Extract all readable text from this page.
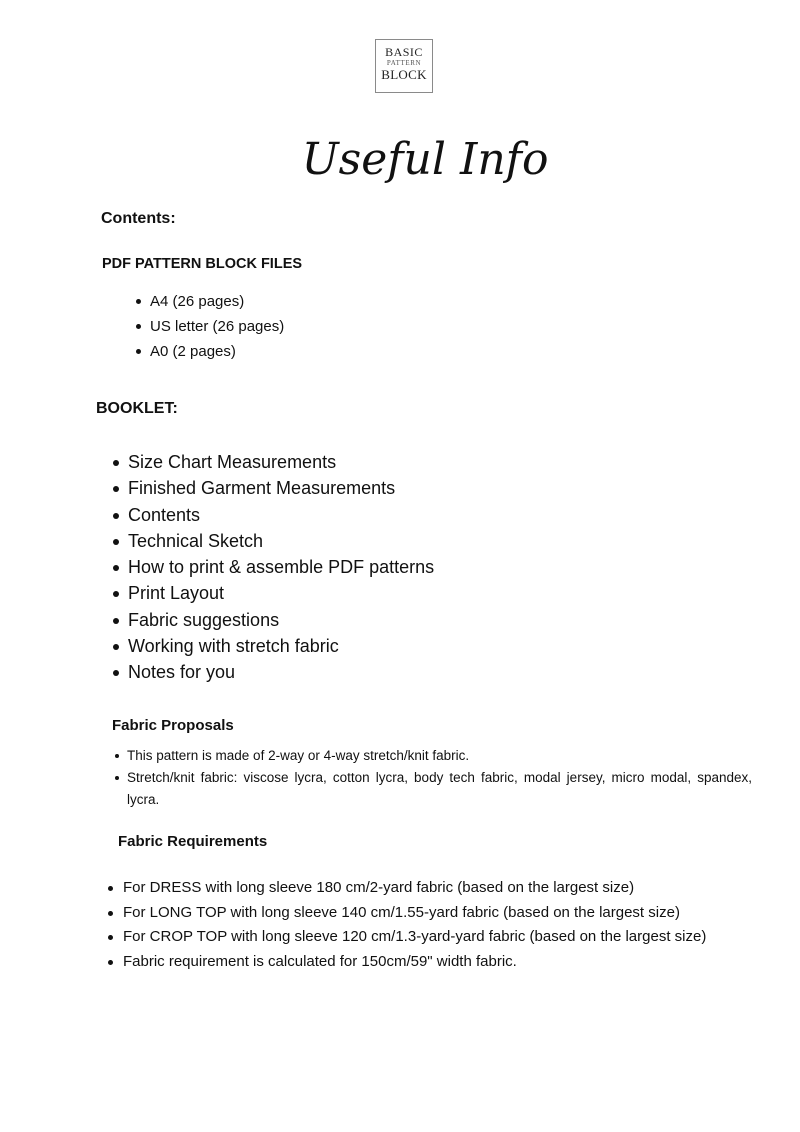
BASIC
PATTERN
BLOCK
Useful Info
Contents:
PDF PATTERN BLOCK FILES
A4 (26 pages)
US letter (26 pages)
A0 (2 pages)
BOOKLET:
Size Chart Measurements
Finished Garment Measurements
Contents
Technical Sketch
How to print & assemble PDF patterns
Print Layout
Fabric suggestions
Working with stretch fabric
Notes for you
Fabric Proposals
This pattern is made of 2-way or 4-way stretch/knit fabric.
Stretch/knit fabric: viscose lycra, cotton lycra, body tech fabric, modal jersey, micro modal, spandex, lycra.
Fabric Requirements
For DRESS with long sleeve 180 cm/2-yard fabric (based on the largest size)
For LONG TOP with long sleeve 140 cm/1.55-yard fabric (based on the largest size)
For CROP TOP with long sleeve 120 cm/1.3-yard-yard fabric (based on the largest size)
Fabric requirement is calculated for 150cm/59" width fabric.
